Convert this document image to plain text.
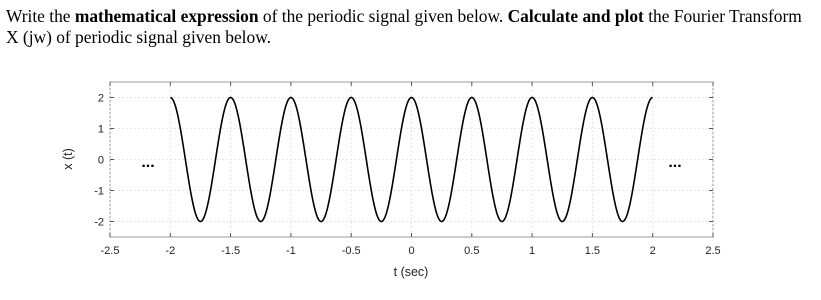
Write the mathematical expression of the periodic signal given below. Calculate and plot the Fourier Transform X (jw) of periodic signal given below.
-2.5	-2	-1.5	-1	-0.5	0	0.5	1	1.5	2	2.5
2
1
0
-1
-2
...	...
t (sec)
x (t)
